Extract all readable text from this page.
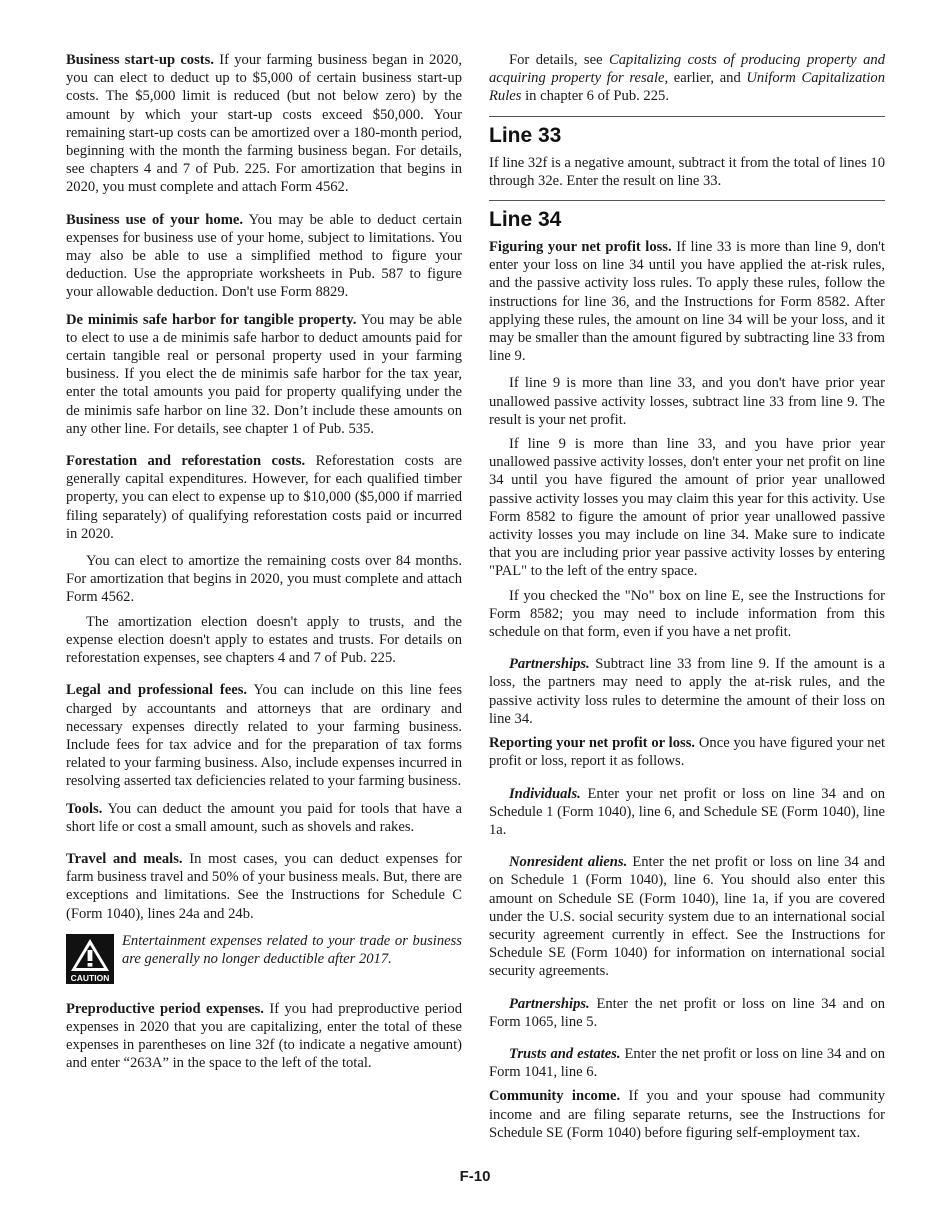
Business start-up costs. If your farming business began in 2020, you can elect to deduct up to $5,000 of certain business start-up costs. The $5,000 limit is reduced (but not below zero) by the amount by which your start-up costs exceed $50,000. Your remaining start-up costs can be amortized over a 180-month period, beginning with the month the farming business began. For details, see chapters 4 and 7 of Pub. 225. For amortization that begins in 2020, you must complete and attach Form 4562.

Business use of your home. You may be able to deduct certain expenses for business use of your home, subject to limitations. You may also be able to use a simplified method to figure your deduction. Use the appropriate worksheets in Pub. 587 to figure your allowable deduction. Don't use Form 8829.

De minimis safe harbor for tangible property. You may be able to elect to use a de minimis safe harbor to deduct amounts paid for certain tangible real or personal property used in your farming business. If you elect the de minimis safe harbor for the tax year, enter the total amounts you paid for property qualifying under the de minimis safe harbor on line 32. Don’t include these amounts on any other line. For details, see chapter 1 of Pub. 535.

Forestation and reforestation costs. Reforestation costs are generally capital expenditures. However, for each qualified timber property, you can elect to expense up to $10,000 ($5,000 if married filing separately) of qualifying reforestation costs paid or incurred in 2020.

You can elect to amortize the remaining costs over 84 months. For amortization that begins in 2020, you must complete and attach Form 4562.

The amortization election doesn't apply to trusts, and the expense election doesn't apply to estates and trusts. For details on reforestation expenses, see chapters 4 and 7 of Pub. 225.

Legal and professional fees. You can include on this line fees charged by accountants and attorneys that are ordinary and necessary expenses directly related to your farming business. Include fees for tax advice and for the preparation of tax forms related to your farming business. Also, include expenses incurred in resolving asserted tax deficiencies related to your farming business.

Tools. You can deduct the amount you paid for tools that have a short life or cost a small amount, such as shovels and rakes.

Travel and meals. In most cases, you can deduct expenses for farm business travel and 50% of your business meals. But, there are exceptions and limitations. See the Instructions for Schedule C (Form 1040), lines 24a and 24b.

CAUTION
Entertainment expenses related to your trade or business are generally no longer deductible after 2017.

Preproductive period expenses. If you had preproductive period expenses in 2020 that you are capitalizing, enter the total of these expenses in parentheses on line 32f (to indicate a negative amount) and enter “263A” in the space to the left of the total.

For details, see Capitalizing costs of producing property and acquiring property for resale, earlier, and Uniform Capitalization Rules in chapter 6 of Pub. 225.

Line 33

If line 32f is a negative amount, subtract it from the total of lines 10 through 32e. Enter the result on line 33.

Line 34

Figuring your net profit loss. If line 33 is more than line 9, don't enter your loss on line 34 until you have applied the at-risk rules, and the passive activity loss rules. To apply these rules, follow the instructions for line 36, and the Instructions for Form 8582. After applying these rules, the amount on line 34 will be your loss, and it may be smaller than the amount figured by subtracting line 33 from line 9.

If line 9 is more than line 33, and you don't have prior year unallowed passive activity losses, subtract line 33 from line 9. The result is your net profit.

If line 9 is more than line 33, and you have prior year unallowed passive activity losses, don't enter your net profit on line 34 until you have figured the amount of prior year unallowed passive activity losses you may claim this year for this activity. Use Form 8582 to figure the amount of prior year unallowed passive activity losses you may include on line 34. Make sure to indicate that you are including prior year passive activity losses by entering "PAL" to the left of the entry space.

If you checked the "No" box on line E, see the Instructions for Form 8582; you may need to include information from this schedule on that form, even if you have a net profit.

Partnerships. Subtract line 33 from line 9. If the amount is a loss, the partners may need to apply the at-risk rules, and the passive activity loss rules to determine the amount of their loss on line 34.

Reporting your net profit or loss. Once you have figured your net profit or loss, report it as follows.

Individuals. Enter your net profit or loss on line 34 and on Schedule 1 (Form 1040), line 6, and Schedule SE (Form 1040), line 1a.

Nonresident aliens. Enter the net profit or loss on line 34 and on Schedule 1 (Form 1040), line 6. You should also enter this amount on Schedule SE (Form 1040), line 1a, if you are covered under the U.S. social security system due to an international social security agreement currently in effect. See the Instructions for Schedule SE (Form 1040) for information on international social security agreements.

Partnerships. Enter the net profit or loss on line 34 and on Form 1065, line 5.

Trusts and estates. Enter the net profit or loss on line 34 and on Form 1041, line 6.

Community income. If you and your spouse had community income and are filing separate returns, see the Instructions for Schedule SE (Form 1040) before figuring self-employment tax.

F-10
